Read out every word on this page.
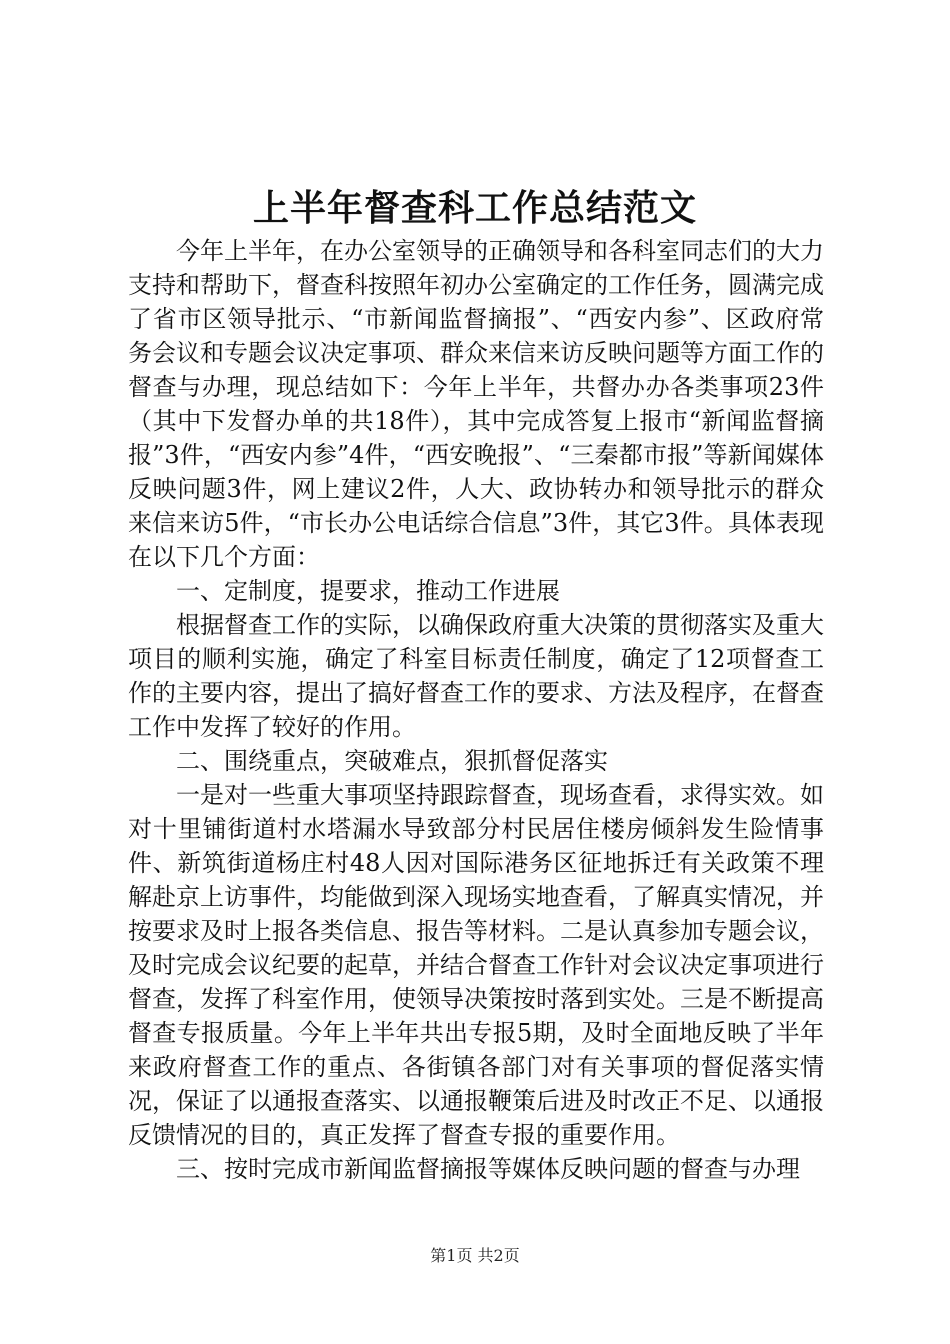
上半年督查科工作总结范文

今年上半年，在办公室领导的正确领导和各科室同志们的大力支持和帮助下，督查科按照年初办公室确定的工作任务，圆满完成了省市区领导批示、“市新闻监督摘报”、“西安内参”、区政府常务会议和专题会议决定事项、群众来信来访反映问题等方面工作的督查与办理，现总结如下：今年上半年，共督办办各类事项23件（其中下发督办单的共18件），其中完成答复上报市“新闻监督摘报”3件，“西安内参”4件，“西安晚报”、“三秦都市报”等新闻媒体反映问题3件，网上建议2件，人大、政协转办和领导批示的群众来信来访5件，“市长办公电话综合信息”3件，其它3件。具体表现在以下几个方面：

一、定制度，提要求，推动工作进展

根据督查工作的实际，以确保政府重大决策的贯彻落实及重大项目的顺利实施，确定了科室目标责任制度，确定了12项督查工作的主要内容，提出了搞好督查工作的要求、方法及程序，在督查工作中发挥了较好的作用。

二、围绕重点，突破难点，狠抓督促落实

一是对一些重大事项坚持跟踪督查，现场查看，求得实效。如对十里铺街道村水塔漏水导致部分村民居住楼房倾斜发生险情事件、新筑街道杨庄村48人因对国际港务区征地拆迁有关政策不理解赴京上访事件，均能做到深入现场实地查看，了解真实情况，并按要求及时上报各类信息、报告等材料。二是认真参加专题会议，及时完成会议纪要的起草，并结合督查工作针对会议决定事项进行督查，发挥了科室作用，使领导决策按时落到实处。三是不断提高督查专报质量。今年上半年共出专报5期，及时全面地反映了半年来政府督查工作的重点、各街镇各部门对有关事项的督促落实情况，保证了以通报查落实、以通报鞭策后进及时改正不足、以通报反馈情况的目的，真正发挥了督查专报的重要作用。

三、按时完成市新闻监督摘报等媒体反映问题的督查与办理

第1页 共2页
